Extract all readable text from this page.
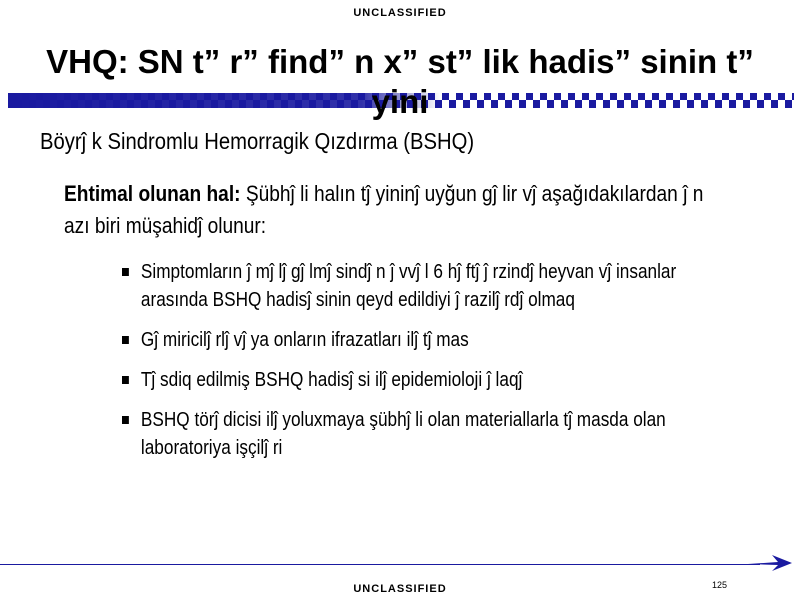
UNCLASSIFIED
VHQ: SN t” r” find” n x” st” lik hadis” sinin t” yini
Böyrĵ k Sindromlu Hemorragik Qızdırma (BSHQ)
Ehtimal olunan hal: Şübhĵ li halın tĵ yininĵ uyğun gĵ lir vĵ aşağıdakılardan ĵ n azı biri müşahidĵ olunur:
Simptomların ĵ mĵ lĵ gĵ lmĵ sindĵ n ĵ vvĵ l 6 hĵ ftĵ ĵ rzindĵ heyvan vĵ insanlar arasında BSHQ hadisĵ sinin qeyd edildiyi ĵ razilĵ rdĵ olmaq
Gĵ miricilĵ rlĵ vĵ ya onların ifrazatları ilĵ tĵ mas
Tĵ sdiq edilmiş BSHQ hadisĵ si ilĵ epidemioloji ĵ laqĵ
BSHQ törĵ dicisi ilĵ yoluxmaya şübhĵ li olan materiallarla tĵ masda olan laboratoriya işçilĵ ri
125
UNCLASSIFIED
